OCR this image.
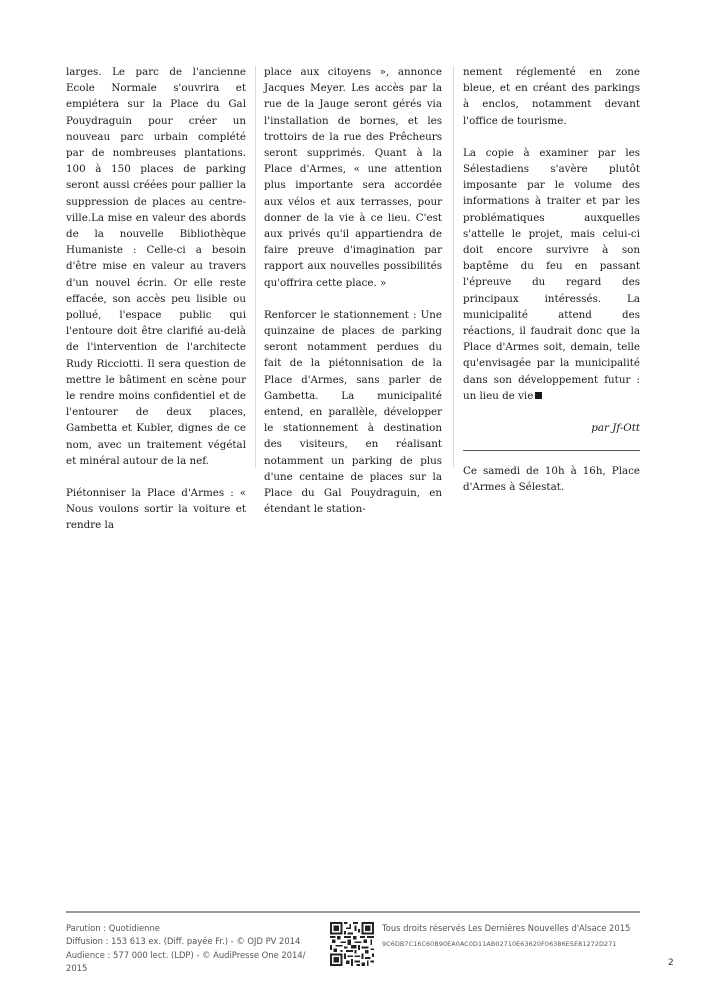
larges. Le parc de l'ancienne Ecole Normale s'ouvrira et empiétera sur la Place du Gal Pouydraguin pour créer un nouveau parc urbain complété par de nombreuses plantations. 100 à 150 places de parking seront aussi créées pour pallier la suppression de places au centre-ville.La mise en valeur des abords de la nouvelle Bibliothèque Humaniste : Celle-ci a besoin d'être mise en valeur au travers d'un nouvel écrin. Or elle reste effacée, son accès peu lisible ou pollué, l'espace public qui l'entoure doit être clarifié au-delà de l'intervention de l'architecte Rudy Ricciotti. Il sera question de mettre le bâtiment en scène pour le rendre moins confidentiel et de l'entourer de deux places, Gambetta et Kubler, dignes de ce nom, avec un traitement végétal et minéral autour de la nef.

Piétonniser la Place d'Armes : « Nous voulons sortir la voiture et rendre la

place aux citoyens », annonce Jacques Meyer. Les accès par la rue de la Jauge seront gérés via l'installation de bornes, et les trottoirs de la rue des Prêcheurs seront supprimés. Quant à la Place d'Armes, « une attention plus importante sera accordée aux vélos et aux terrasses, pour donner de la vie à ce lieu. C'est aux privés qu'il appartiendra de faire preuve d'imagination par rapport aux nouvelles possibilités qu'offrira cette place. »

Renforcer le stationnement : Une quinzaine de places de parking seront notamment perdues du fait de la piétonnisation de la Place d'Armes, sans parler de Gambetta. La municipalité entend, en parallèle, développer le stationnement à destination des visiteurs, en réalisant notamment un parking de plus d'une centaine de places sur la Place du Gal Pouydraguin, en étendant le station-

nement réglementé en zone bleue, et en créant des parkings à enclos, notamment devant l'office de tourisme.

La copie à examiner par les Sélestadiens s'avère plutôt imposante par le volume des informations à traiter et par les problématiques auxquelles s'attelle le projet, mais celui-ci doit encore survivre à son baptême du feu en passant l'épreuve du regard des principaux intéressés. La municipalité attend des réactions, il faudrait donc que la Place d'Armes soit, demain, telle qu'envisagée par la municipalité dans son développement futur : un lieu de vie

par Jf-Ott

Ce samedi de 10h à 16h, Place d'Armes à Sélestat.

Parution : Quotidienne
Diffusion : 153 613 ex. (Diff. payée Fr.) - © OJD PV 2014
Audience : 577 000 lect. (LDP) - © AudiPresse One 2014/ 2015
Tous droits réservés Les Dernières Nouvelles d'Alsace 2015
9C6DB7C16C60B90EA0AC0D11AB02710E63620F06386E5E81272D271
2
